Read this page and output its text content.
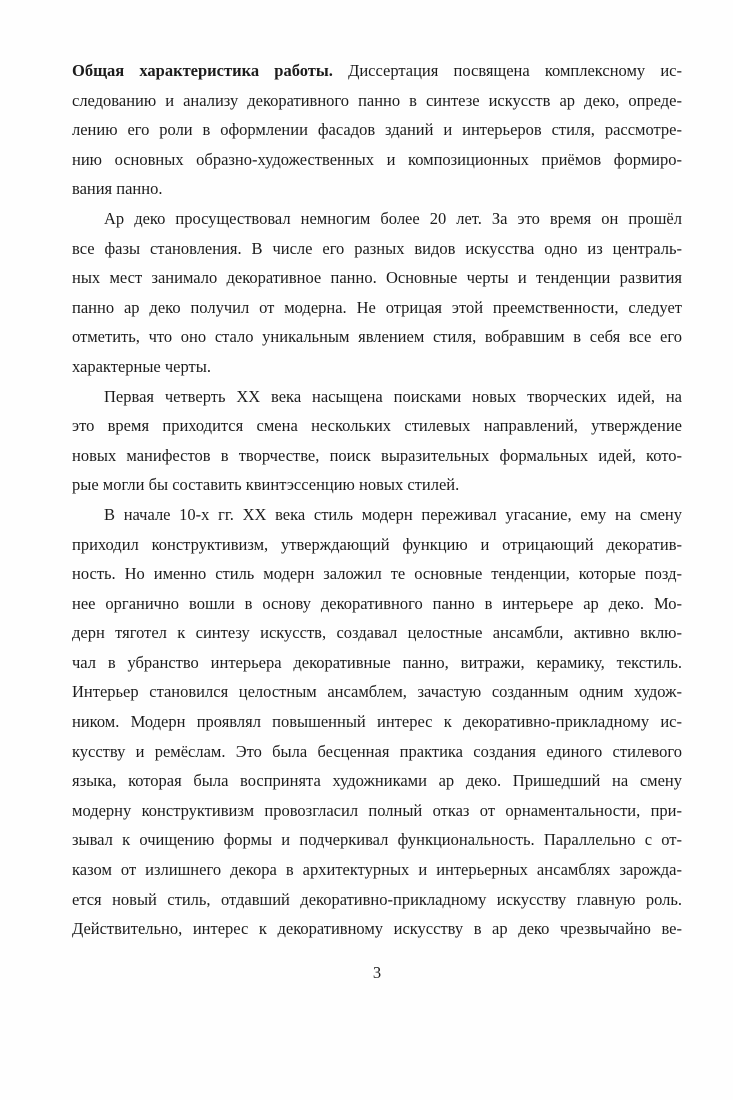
Общая характеристика работы. Диссертация посвящена комплексному ис-
следованию и анализу декоративного панно в синтезе искусств ар деко, опреде-
лению его роли в оформлении фасадов зданий и интерьеров стиля, рассмотре-
нию основных образно-художественных и композиционных приёмов формиро-
вания панно.
Ар деко просуществовал немногим более 20 лет. За это время он прошёл
все фазы становления. В числе его разных видов искусства одно из централь-
ных мест занимало декоративное панно. Основные черты и тенденции развития
панно ар деко получил от модерна. Не отрицая этой преемственности, следует
отметить, что оно стало уникальным явлением стиля, вобравшим в себя все его
характерные черты.
Первая четверть XX века насыщена поисками новых творческих идей, на
это время приходится смена нескольких стилевых направлений, утверждение
новых манифестов в творчестве, поиск выразительных формальных идей, кото-
рые могли бы составить квинтэссенцию новых стилей.
В начале 10-х гг. XX века стиль модерн переживал угасание, ему на смену
приходил конструктивизм, утверждающий функцию и отрицающий декоратив-
ность. Но именно стиль модерн заложил те основные тенденции, которые позд-
нее органично вошли в основу декоративного панно в интерьере ар деко. Мо-
дерн тяготел к синтезу искусств, создавал целостные ансамбли, активно вклю-
чал в убранство интерьера декоративные панно, витражи, керамику, текстиль.
Интерьер становился целостным ансамблем, зачастую созданным одним худож-
ником. Модерн проявлял повышенный интерес к декоративно-прикладному ис-
кусству и ремёслам. Это была бесценная практика создания единого стилевого
языка, которая была воспринята художниками ар деко. Пришедший на смену
модерну конструктивизм провозгласил полный отказ от орнаментальности, при-
зывал к очищению формы и подчеркивал функциональность. Параллельно с от-
казом от излишнего декора в архитектурных и интерьерных ансамблях зарожда-
ется новый стиль, отдавший декоративно-прикладному искусству главную роль.
Действительно, интерес к декоративному искусству в ар деко чрезвычайно ве-
3
